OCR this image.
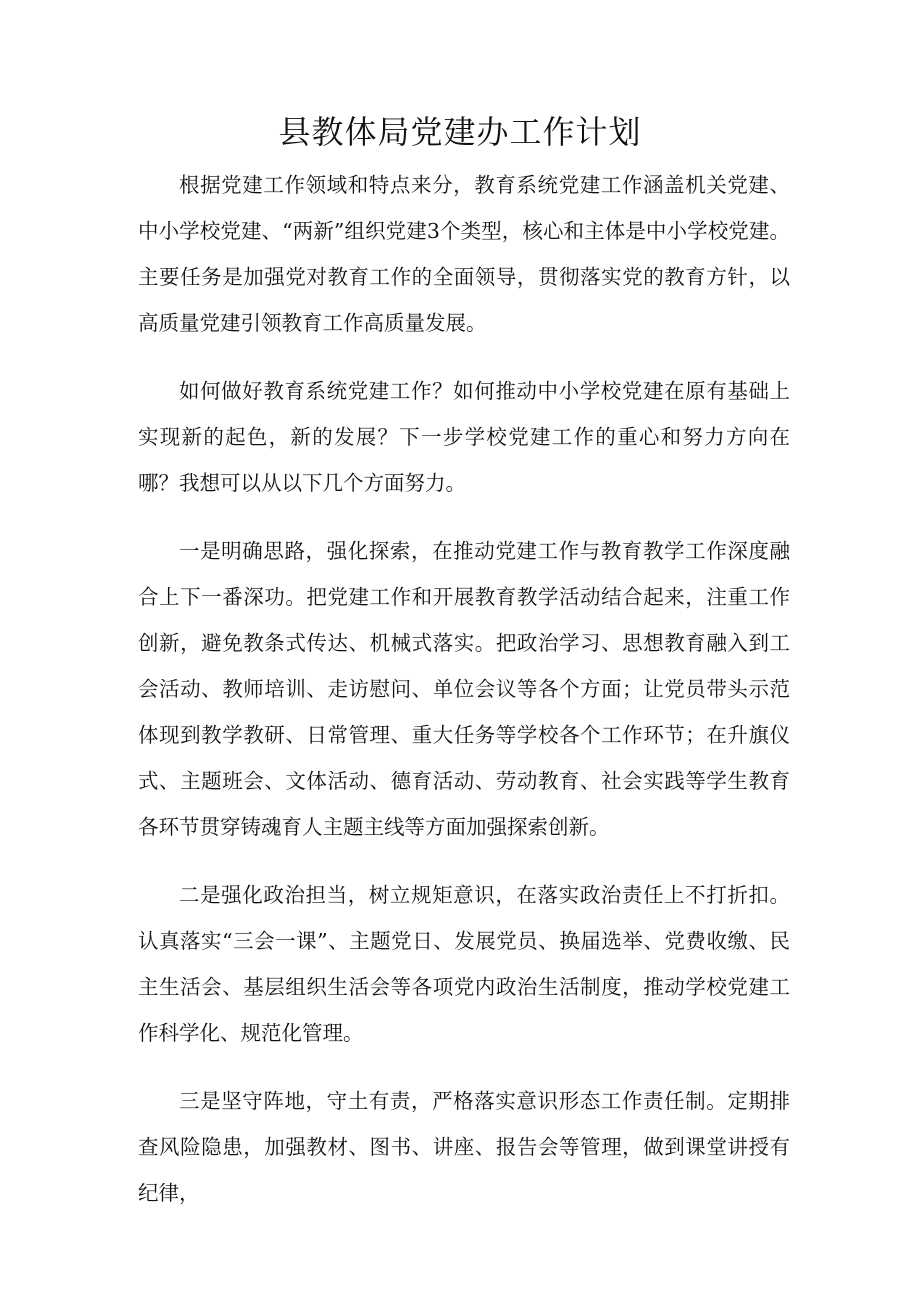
县教体局党建办工作计划

根据党建工作领域和特点来分，教育系统党建工作涵盖机关党建、中小学校党建、“两新”组织党建3个类型，核心和主体是中小学校党建。主要任务是加强党对教育工作的全面领导，贯彻落实党的教育方针，以高质量党建引领教育工作高质量发展。

如何做好教育系统党建工作？如何推动中小学校党建在原有基础上实现新的起色，新的发展？下一步学校党建工作的重心和努力方向在哪？我想可以从以下几个方面努力。

一是明确思路，强化探索，在推动党建工作与教育教学工作深度融合上下一番深功。把党建工作和开展教育教学活动结合起来，注重工作创新，避免教条式传达、机械式落实。把政治学习、思想教育融入到工会活动、教师培训、走访慰问、单位会议等各个方面；让党员带头示范体现到教学教研、日常管理、重大任务等学校各个工作环节；在升旗仪式、主题班会、文体活动、德育活动、劳动教育、社会实践等学生教育各环节贯穿铸魂育人主题主线等方面加强探索创新。

二是强化政治担当，树立规矩意识，在落实政治责任上不打折扣。认真落实“三会一课”、主题党日、发展党员、换届选举、党费收缴、民主生活会、基层组织生活会等各项党内政治生活制度，推动学校党建工作科学化、规范化管理。

三是坚守阵地，守土有责，严格落实意识形态工作责任制。定期排查风险隐患，加强教材、图书、讲座、报告会等管理，做到课堂讲授有纪律，
